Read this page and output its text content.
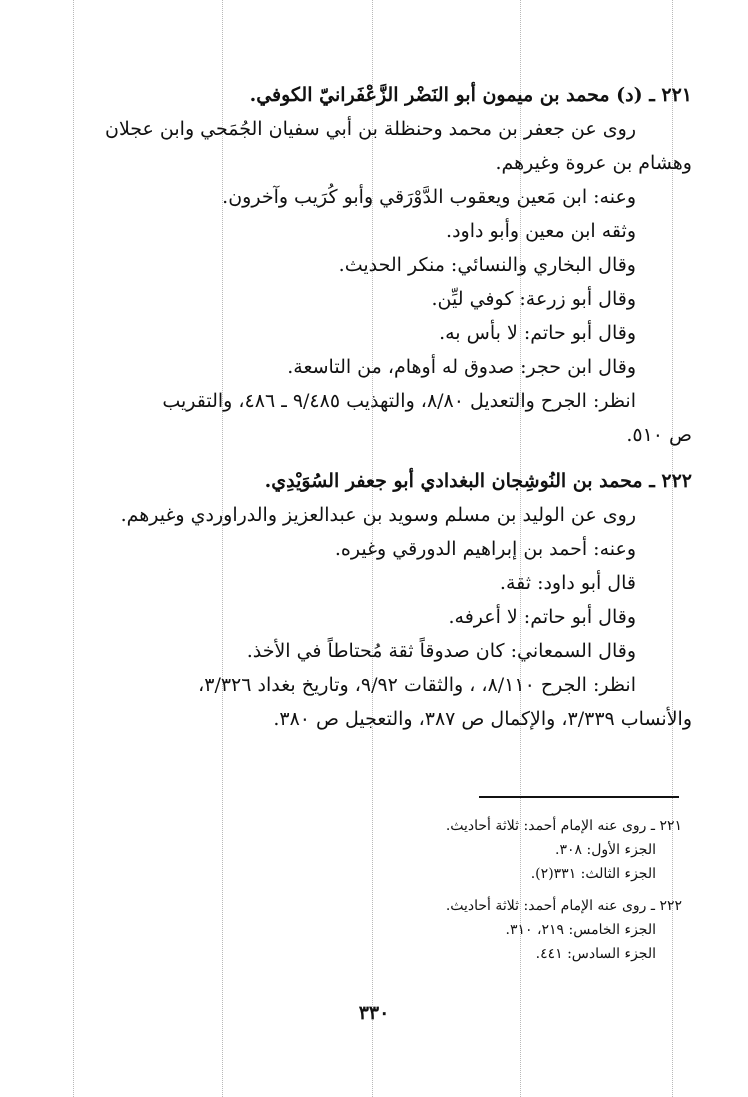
٢٢١ ـ (د) محمد بن ميمون أبو النَضْر الزَّعْفَرانيّ الكوفي.
روى عن جعفر بن محمد وحنظلة بن أبي سفيان الجُمَحي وابن عجلان
وهشام بن عروة وغيرهم.
وعنه: ابن مَعين ويعقوب الدَّوْرَقي وأبو كُرَيب وآخرون.
وثقه ابن معين وأبو داود.
وقال البخاري والنسائي: منكر الحديث.
وقال أبو زرعة: كوفي ليِّن.
وقال أبو حاتم: لا بأس به.
وقال ابن حجر: صدوق له أوهام، من التاسعة.
انظر: الجرح والتعديل ٨/٨٠، والتهذيب ٩/٤٨٥ ـ ٤٨٦، والتقريب
ص ٥١٠.
٢٢٢ ـ محمد بن النُوشِجان البغدادي أبو جعفر السُوَيْدِي.
روى عن الوليد بن مسلم وسويد بن عبدالعزيز والدراوردي وغيرهم.
وعنه: أحمد بن إبراهيم الدورقي وغيره.
قال أبو داود: ثقة.
وقال أبو حاتم: لا أعرفه.
وقال السمعاني: كان صدوقاً ثقة مُحتاطاً في الأخذ.
انظر: الجرح ٨/١١٠، ، والثقات ٩/٩٢، وتاريخ بغداد ٣/٣٢٦،
والأنساب ٣/٣٣٩، والإكمال ص ٣٨٧، والتعجيل ص ٣٨٠.
٢٢١ ـ روى عنه الإمام أحمد: ثلاثة أحاديث.
الجزء الأول: ٣٠٨.
الجزء الثالث: ٣٣١(٢).
٢٢٢ ـ روى عنه الإمام أحمد: ثلاثة أحاديث.
الجزء الخامس: ٢١٩، ٣١٠.
الجزء السادس: ٤٤١.
٣٣٠
